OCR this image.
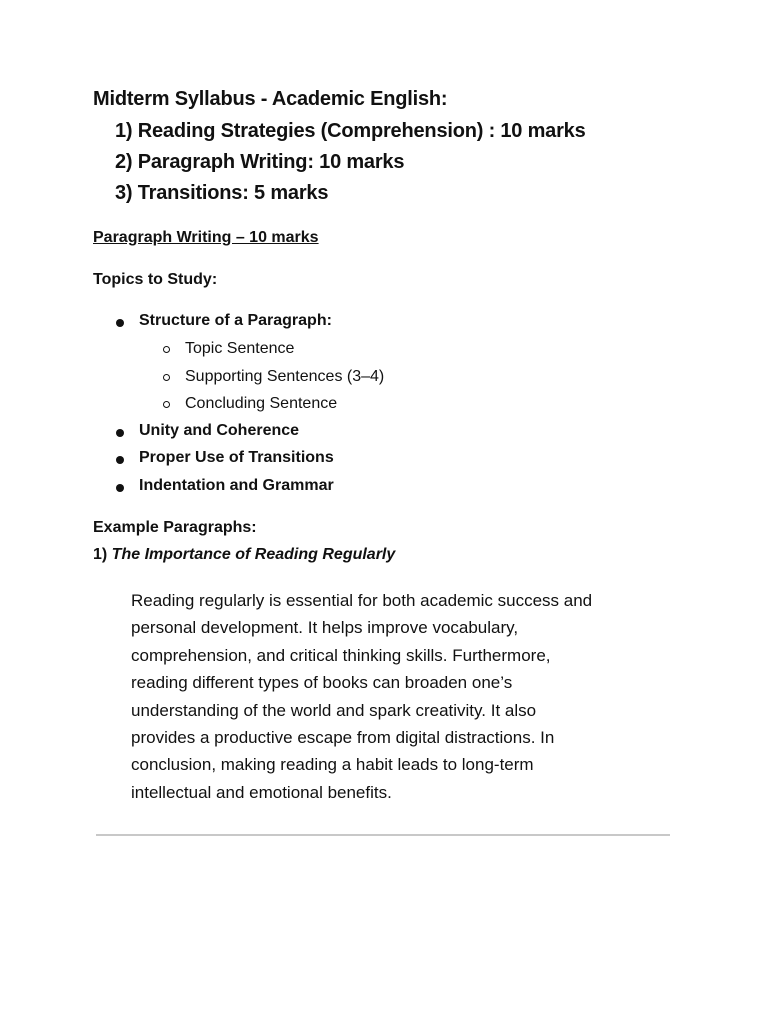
Midterm Syllabus - Academic English:
1) Reading Strategies (Comprehension) : 10 marks
2) Paragraph Writing: 10 marks
3) Transitions: 5 marks
Paragraph Writing – 10 marks
Topics to Study:
Structure of a Paragraph:
Topic Sentence
Supporting Sentences (3–4)
Concluding Sentence
Unity and Coherence
Proper Use of Transitions
Indentation and Grammar
Example Paragraphs:
1) The Importance of Reading Regularly

Reading regularly is essential for both academic success and
personal development. It helps improve vocabulary,
comprehension, and critical thinking skills. Furthermore,
reading different types of books can broaden one’s
understanding of the world and spark creativity. It also
provides a productive escape from digital distractions. In
conclusion, making reading a habit leads to long-term
intellectual and emotional benefits.
